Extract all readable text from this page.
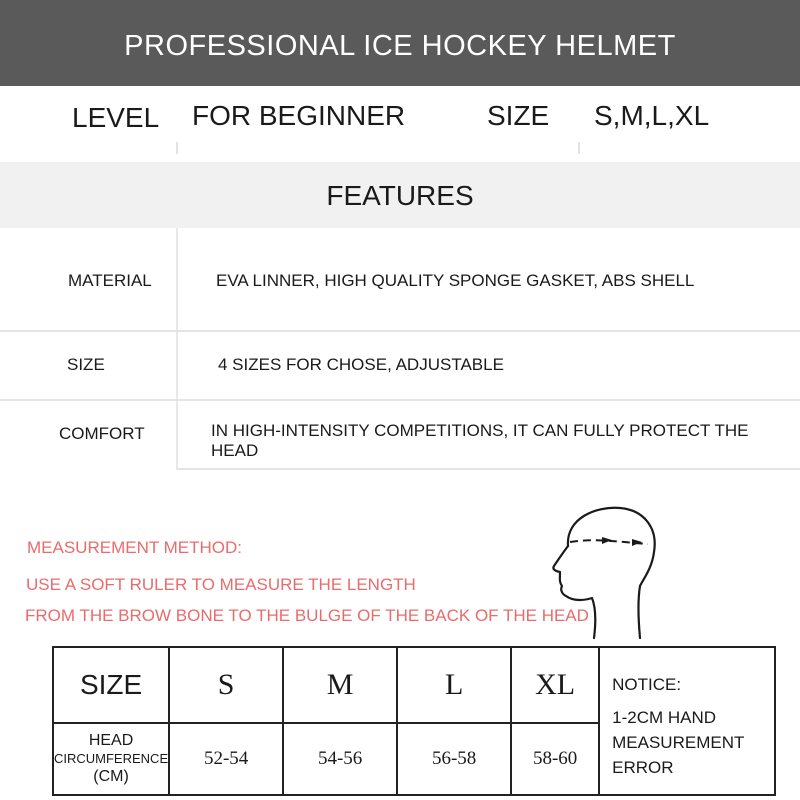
PROFESSIONAL ICE HOCKEY HELMET
LEVEL FOR BEGINNER	SIZE S,M,L,XL
FEATURES
MATERIAL	EVA LINNER, HIGH QUALITY SPONGE GASKET, ABS SHELL
SIZE	4 SIZES FOR CHOSE, ADJUSTABLE
COMFORT	IN HIGH-INTENSITY COMPETITIONS, IT CAN FULLY PROTECT THE HEAD
MEASUREMENT METHOD:
USE A SOFT RULER TO MEASURE THE LENGTH
FROM THE BROW BONE TO THE BULGE OF THE BACK OF THE HEAD
SIZE	S	M	L	XL	NOTICE:
1-2CM HAND
MEASUREMENT
ERROR

HEAD
CIRCUMFERENCE
(CM)	52-54	54-56	56-58	58-60	
